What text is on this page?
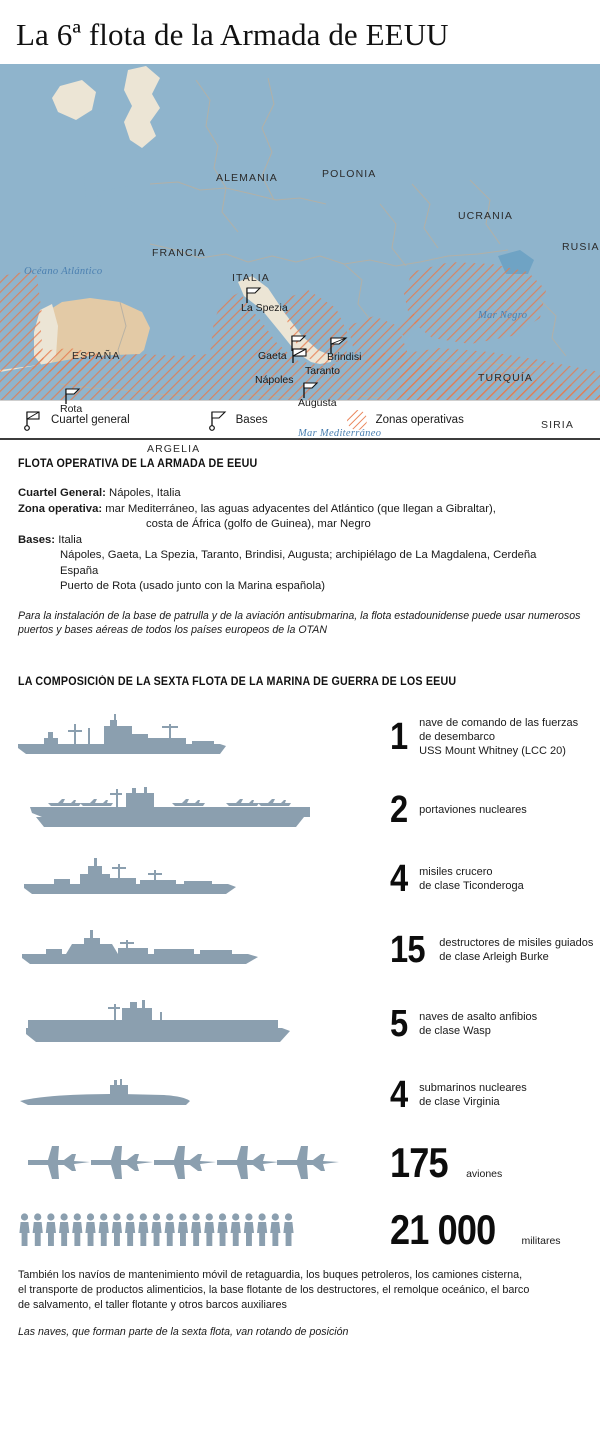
La 6ª flota de la Armada de EEUU
ALEMANIA	POLONIA
UCRANIA
FRANCIA	RUSIA
ITALIA
ESPAÑA
TURQUÍA
SIRIA
ARGELIA
Océano Atlántico
Mar Negro
Mar Mediterráneo
Rota
La Spezia
Gaeta
$_{Nápoles}$
Brindisi
Taranto
Augusta
Cuartel general	Bases	Zonas operativas
FLOTA OPERATIVA DE LA ARMADA DE EEUU
Cuartel General: Nápoles, Italia
Zona operativa: mar Mediterráneo, las aguas adyacentes del Atlántico (que llegan a Gibraltar),
costa de África (golfo de Guinea), mar Negro
Bases: Italia
Nápoles, Gaeta, La Spezia, Taranto, Brindisi, Augusta; archipiélago de La Magdalena, Cerdeña
España
Puerto de Rota (usado junto con la Marina española)
Para la instalación de la base de patrulla y de la aviación antisubmarina, la flota estadounidense puede usar numerosos
puertos y bases aéreas de todos los países europeos de la OTAN
LA COMPOSICIÓN DE LA SEXTA FLOTA DE LA MARINA DE GUERRA DE LOS EEUU
1 nave de comando de las fuerzas
de desembarco
USS Mount Whitney (LCC 20)
2 portaviones nucleares
4 misiles crucero
de clase Ticonderoga
15 destructores de misiles guiados
de clase Arleigh Burke
5 naves de asalto anfibios
de clase Wasp
4 submarinos nucleares
de clase Virginia
175 aviones
21 000 militares
También los navíos de mantenimiento móvil de retaguardia, los buques petroleros, los camiones cisterna,
el transporte de productos alimenticios, la base flotante de los destructores, el remolque oceánico, el barco
de salvamento, el taller flotante y otros barcos auxiliares
Las naves, que forman parte de la sexta flota, van rotando de posición
